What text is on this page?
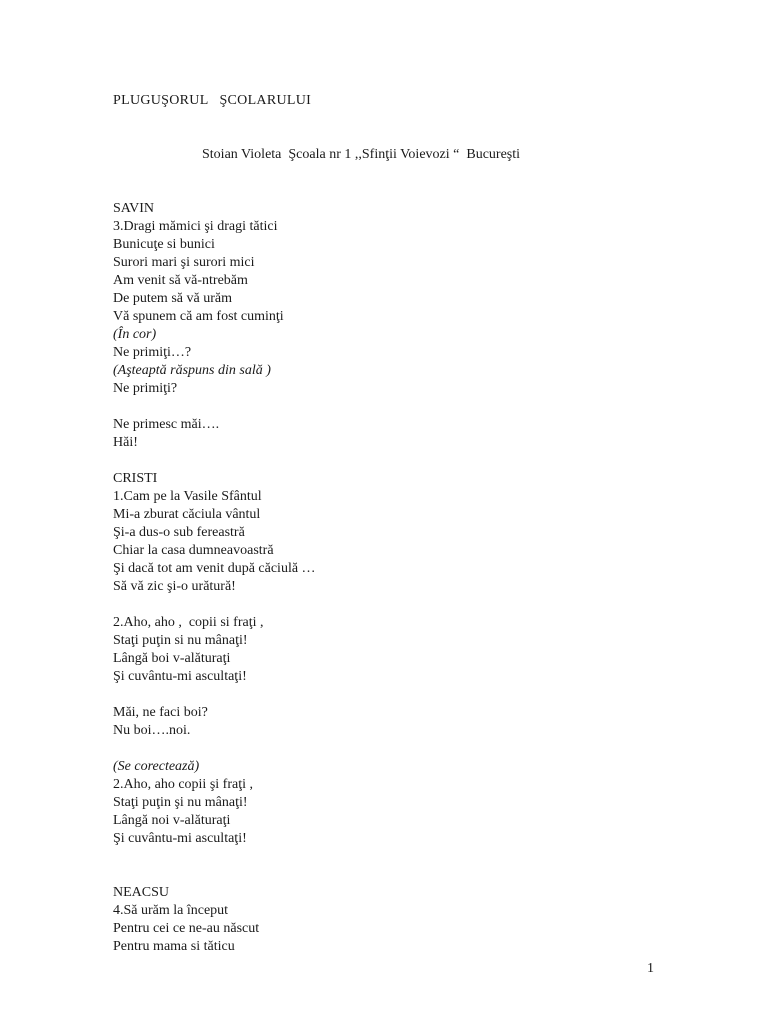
PLUGUŞORUL   ŞCOLARULUI
Stoian Violeta  Şcoala nr 1 ,,Sfinţii Voievozi “  Bucureşti
SAVIN
3.Dragi mămici şi dragi tătici
Bunicuţe si bunici
Surori mari şi surori mici
Am venit să vă-ntrebăm
De putem să vă urăm
Vă spunem că am fost cuminţi
(În cor)
Ne primiţi…?
(Aşteaptă răspuns din sală )
Ne primiţi?
Ne primesc măi….
Hăi!
CRISTI
1.Cam pe la Vasile Sfântul
Mi-a zburat căciula vântul
Şi-a dus-o sub fereastră
Chiar la casa dumneavoastră
Şi dacă tot am venit după căciulă …
Să vă zic şi-o urătură!
2.Aho, aho ,  copii si fraţi ,
Staţi puţin si nu mânaţi!
Lângă boi v-alăturaţi
Şi cuvântu-mi ascultaţi!
Măi, ne faci boi?
Nu boi….noi.
(Se corectează)
2.Aho, aho copii şi fraţi ,
Staţi puţin şi nu mânaţi!
Lângă noi v-alăturaţi
Şi cuvântu-mi ascultaţi!
NEACSU
4.Să urăm la început
Pentru cei ce ne-au născut
Pentru mama si tăticu
1
